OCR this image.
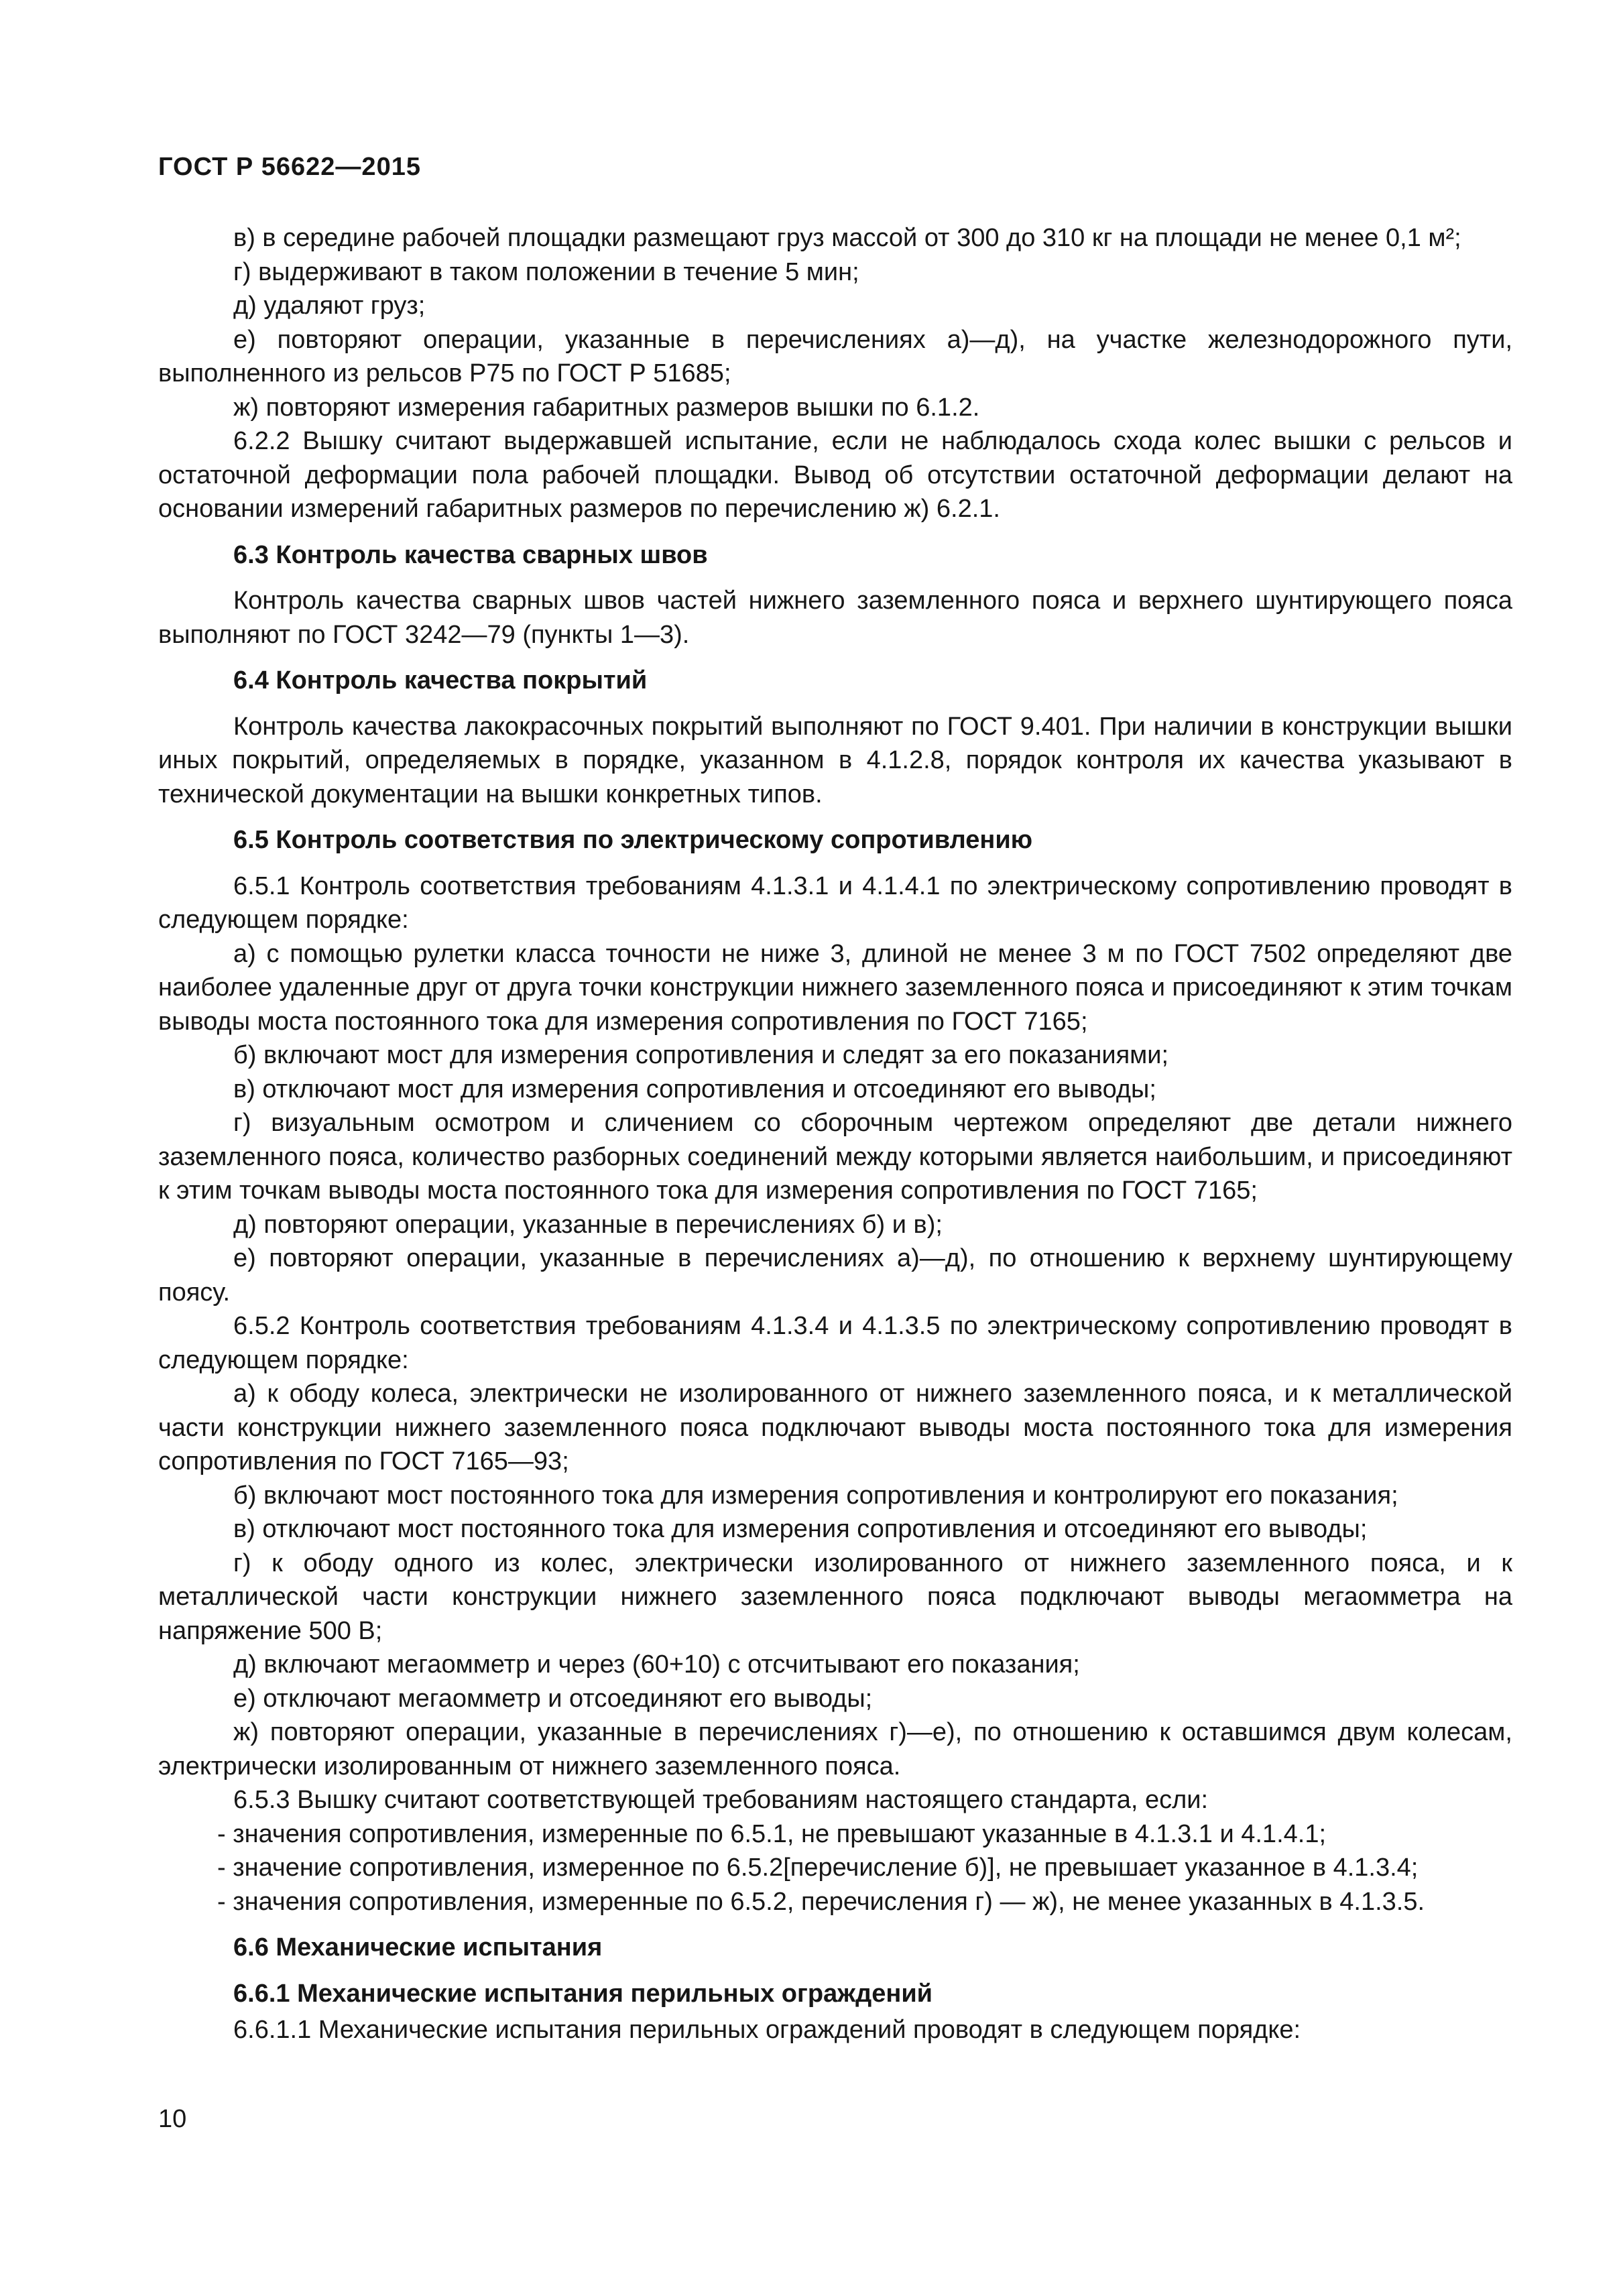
ГОСТ Р 56622—2015

в) в середине рабочей площадки размещают груз массой от 300 до 310 кг на площади не менее 0,1 м²;

г) выдерживают в таком положении в течение 5 мин;

д) удаляют груз;

е) повторяют операции, указанные в перечислениях а)—д), на участке железнодорожного пути, выполненного из рельсов Р75 по ГОСТ Р 51685;

ж) повторяют измерения габаритных размеров вышки по 6.1.2.

6.2.2 Вышку считают выдержавшей испытание, если не наблюдалось схода колес вышки с рельсов и остаточной деформации пола рабочей площадки. Вывод об отсутствии остаточной деформации делают на основании измерений габаритных размеров по перечислению ж) 6.2.1.

6.3 Контроль качества сварных швов

Контроль качества сварных швов частей нижнего заземленного пояса и верхнего шунтирующего пояса выполняют по ГОСТ 3242—79 (пункты 1—3).

6.4 Контроль качества покрытий

Контроль качества лакокрасочных покрытий выполняют по ГОСТ 9.401. При наличии в конструкции вышки иных покрытий, определяемых в порядке, указанном в 4.1.2.8, порядок контроля их качества указывают в технической документации на вышки конкретных типов.

6.5 Контроль соответствия по электрическому сопротивлению

6.5.1 Контроль соответствия требованиям 4.1.3.1 и 4.1.4.1 по электрическому сопротивлению проводят в следующем порядке:

а) с помощью рулетки класса точности не ниже 3, длиной не менее 3 м по ГОСТ 7502 определяют две наиболее удаленные друг от друга точки конструкции нижнего заземленного пояса и присоединяют к этим точкам выводы моста постоянного тока для измерения сопротивления по ГОСТ 7165;

б) включают мост для измерения сопротивления и следят за его показаниями;

в) отключают мост для измерения сопротивления и отсоединяют его выводы;

г) визуальным осмотром и сличением со сборочным чертежом определяют две детали нижнего заземленного пояса, количество разборных соединений между которыми является наибольшим, и присоединяют к этим точкам выводы моста постоянного тока для измерения сопротивления по ГОСТ 7165;

д) повторяют операции, указанные в перечислениях б) и в);

е) повторяют операции, указанные в перечислениях а)—д), по отношению к верхнему шунтирующему поясу.

6.5.2 Контроль соответствия требованиям 4.1.3.4 и 4.1.3.5 по электрическому сопротивлению проводят в следующем порядке:

а) к ободу колеса, электрически не изолированного от нижнего заземленного пояса, и к металлической части конструкции нижнего заземленного пояса подключают выводы моста постоянного тока для измерения сопротивления по ГОСТ 7165—93;

б) включают мост постоянного тока для измерения сопротивления и контролируют его показания;

в) отключают мост постоянного тока для измерения сопротивления и отсоединяют его выводы;

г) к ободу одного из колес, электрически изолированного от нижнего заземленного пояса, и к металлической части конструкции нижнего заземленного пояса подключают выводы мегаомметра на напряжение 500 В;

д) включают мегаомметр и через (60+10) с отсчитывают его показания;

е) отключают мегаомметр и отсоединяют его выводы;

ж) повторяют операции, указанные в перечислениях г)—е), по отношению к оставшимся двум колесам, электрически изолированным от нижнего заземленного пояса.

6.5.3 Вышку считают соответствующей требованиям настоящего стандарта, если:

- значения сопротивления, измеренные по 6.5.1, не превышают указанные в 4.1.3.1 и 4.1.4.1;

- значение сопротивления, измеренное по 6.5.2[перечисление б)], не превышает указанное в 4.1.3.4;

- значения сопротивления, измеренные по 6.5.2, перечисления г) — ж), не менее указанных в 4.1.3.5.

6.6 Механические испытания

6.6.1 Механические испытания перильных ограждений

6.6.1.1 Механические испытания перильных ограждений проводят в следующем порядке:

10
